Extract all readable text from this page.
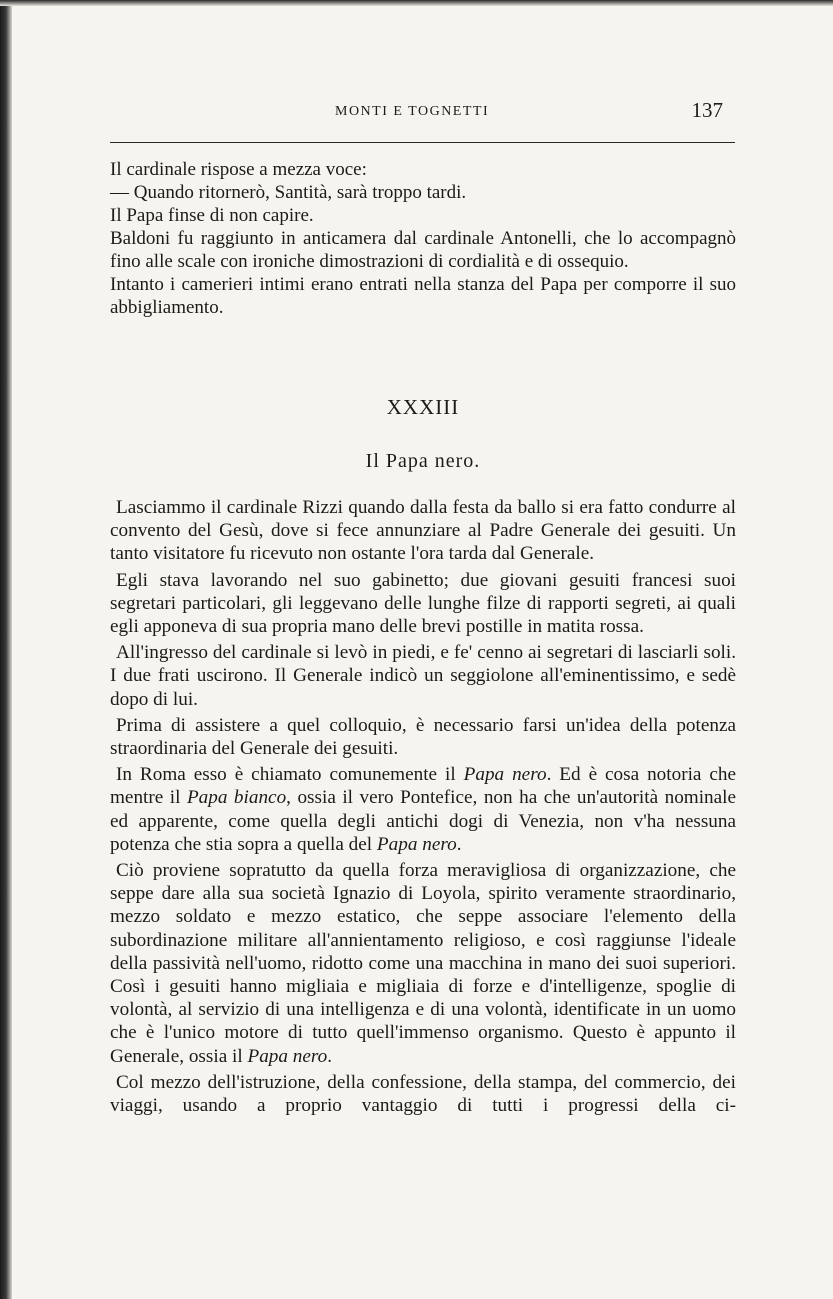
MONTI E TOGNETTI	137

Il cardinale rispose a mezza voce:

— Quando ritornerò, Santità, sarà troppo tardi.

Il Papa finse di non capire.

Baldoni fu raggiunto in anticamera dal cardinale Antonelli, che lo accompagnò fino alle scale con ironiche dimostrazioni di cordialità e di ossequio.

Intanto i camerieri intimi erano entrati nella stanza del Papa per comporre il suo abbigliamento.

XXXIII
Il Papa nero.

Lasciammo il cardinale Rizzi quando dalla festa da ballo si era fatto condurre al convento del Gesù, dove si fece annunziare al Padre Generale dei gesuiti. Un tanto visitatore fu ricevuto non ostante l'ora tarda dal Generale.

Egli stava lavorando nel suo gabinetto; due giovani gesuiti francesi suoi segretari particolari, gli leggevano delle lunghe filze di rapporti segreti, ai quali egli apponeva di sua propria mano delle brevi postille in matita rossa.

All'ingresso del cardinale si levò in piedi, e fe' cenno ai segretari di lasciarli soli. I due frati uscirono. Il Generale indicò un seggiolone all'eminentissimo, e sedè dopo di lui.

Prima di assistere a quel colloquio, è necessario farsi un'idea della potenza straordinaria del Generale dei gesuiti.

In Roma esso è chiamato comunemente il Papa nero. Ed è cosa notoria che mentre il Papa bianco, ossia il vero Pontefice, non ha che un'autorità nominale ed apparente, come quella degli antichi dogi di Venezia, non v'ha nessuna potenza che stia sopra a quella del Papa nero.

Ciò proviene sopratutto da quella forza meravigliosa di organizzazione, che seppe dare alla sua società Ignazio di Loyola, spirito veramente straordinario, mezzo soldato e mezzo estatico, che seppe associare l'elemento della subordinazione militare all'annientamento religioso, e così raggiunse l'ideale della passività nell'uomo, ridotto come una macchina in mano dei suoi superiori. Così i gesuiti hanno migliaia e migliaia di forze e d'intelligenze, spoglie di volontà, al servizio di una intelligenza e di una volontà, identificate in un uomo che è l'unico motore di tutto quell'immenso organismo. Questo è appunto il Generale, ossia il Papa nero.

Col mezzo dell'istruzione, della confessione, della stampa, del commercio, dei viaggi, usando a proprio vantaggio di tutti i progressi della ci-
